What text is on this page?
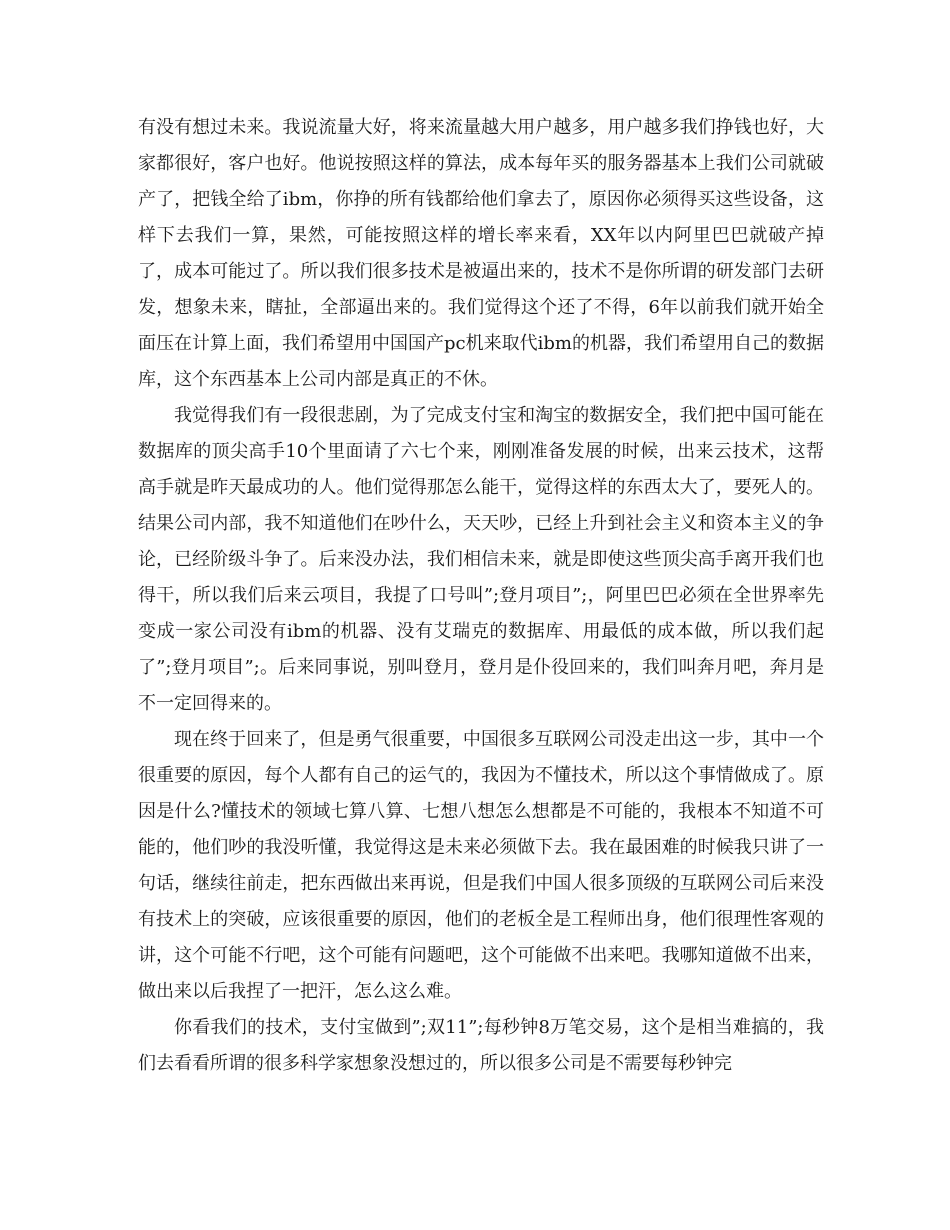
有没有想过未来。我说流量大好，将来流量越大用户越多，用户越多我们挣钱也好，大家都很好，客户也好。他说按照这样的算法，成本每年买的服务器基本上我们公司就破产了，把钱全给了ibm，你挣的所有钱都给他们拿去了，原因你必须得买这些设备，这样下去我们一算，果然，可能按照这样的增长率来看，XX年以内阿里巴巴就破产掉了，成本可能过了。所以我们很多技术是被逼出来的，技术不是你所谓的研发部门去研发，想象未来，瞎扯，全部逼出来的。我们觉得这个还了不得，6年以前我们就开始全面压在计算上面，我们希望用中国国产pc机来取代ibm的机器，我们希望用自己的数据库，这个东西基本上公司内部是真正的不休。

我觉得我们有一段很悲剧，为了完成支付宝和淘宝的数据安全，我们把中国可能在数据库的顶尖高手10个里面请了六七个来，刚刚准备发展的时候，出来云技术，这帮高手就是昨天最成功的人。他们觉得那怎么能干，觉得这样的东西太大了，要死人的。结果公司内部，我不知道他们在吵什么，天天吵，已经上升到社会主义和资本主义的争论，已经阶级斗争了。后来没办法，我们相信未来，就是即使这些顶尖高手离开我们也得干，所以我们后来云项目，我提了口号叫”;登月项目”;，阿里巴巴必须在全世界率先变成一家公司没有ibm的机器、没有艾瑞克的数据库、用最低的成本做，所以我们起了”;登月项目”;。后来同事说，别叫登月，登月是仆役回来的，我们叫奔月吧，奔月是不一定回得来的。

现在终于回来了，但是勇气很重要，中国很多互联网公司没走出这一步，其中一个很重要的原因，每个人都有自己的运气的，我因为不懂技术，所以这个事情做成了。原因是什么?懂技术的领域七算八算、七想八想怎么想都是不可能的，我根本不知道不可能的，他们吵的我没听懂，我觉得这是未来必须做下去。我在最困难的时候我只讲了一句话，继续往前走，把东西做出来再说，但是我们中国人很多顶级的互联网公司后来没有技术上的突破，应该很重要的原因，他们的老板全是工程师出身，他们很理性客观的讲，这个可能不行吧，这个可能有问题吧，这个可能做不出来吧。我哪知道做不出来，做出来以后我捏了一把汗，怎么这么难。

你看我们的技术，支付宝做到”;双11”;每秒钟8万笔交易，这个是相当难搞的，我们去看看所谓的很多科学家想象没想过的，所以很多公司是不需要每秒钟完
